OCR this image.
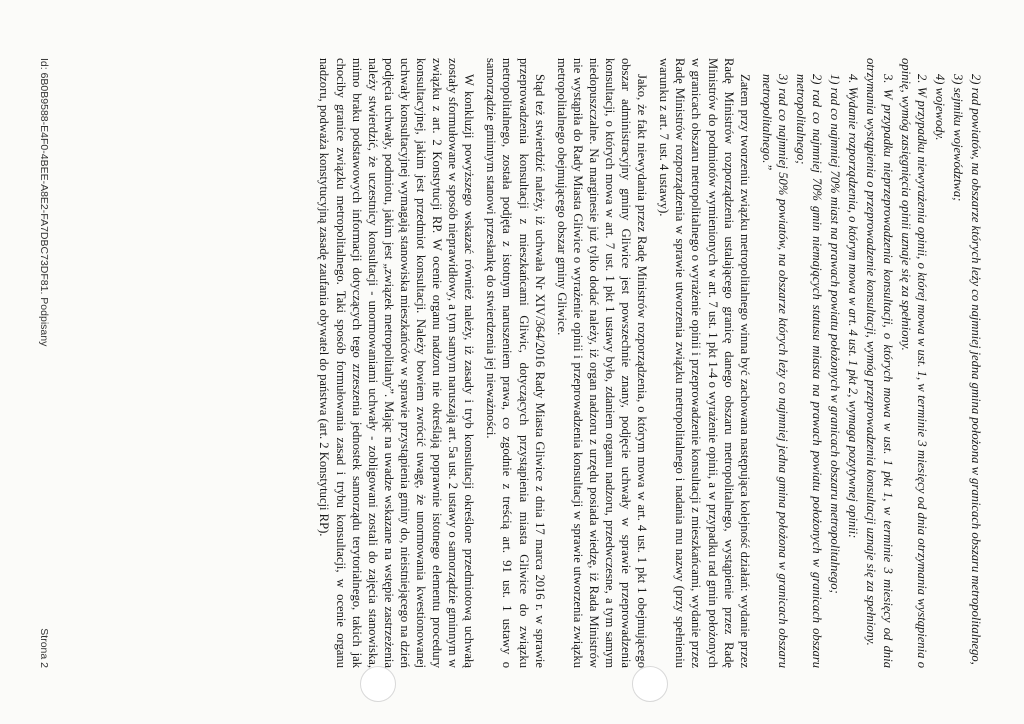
2) rad powiatów, na obszarze których leży co najmniej jedna gmina położona w granicach obszaru metropolitalnego,

3) sejmiku województwa;

4) wojewody.

2. W przypadku niewyrażenia opinii, o której mowa w ust. 1, w terminie 3 miesięcy od dnia otrzymania wystąpienia o opinię, wymóg zasięgnięcia opinii uznaje się za spełniony.

3. W przypadku nieprzeprowadzenia konsultacji, o których mowa w ust. 1 pkt 1, w terminie 3 miesięcy od dnia otrzymania wystąpienia o przeprowadzenie konsultacji, wymóg przeprowadzenia konsultacji uznaje się za spełniony.

4. Wydanie rozporządzenia, o którym mowa w art. 4 ust. 1 pkt 2, wymaga pozytywnej opinii:

1) rad co najmniej 70% miast na prawach powiatu położonych w granicach obszaru metropolitalnego;

2) rad co najmniej 70% gmin niemających statusu miasta na prawach powiatu położonych w granicach obszaru metropolitalnego;

3) rad co najmniej 50% powiatów, na obszarze których leży co najmniej jedna gmina położona w granicach obszaru metropolitalnego.”

Zatem przy tworzeniu związku metropolitalnego winna być zachowana następująca kolejność działań: wydanie przez Radę Ministrów rozporządzenia ustalającego granicę danego obszaru metropolitalnego, wystąpienie przez Radę Ministrów do podmiotów wymienionych w art. 7 ust. 1 pkt 1-4 o wyrażenie opinii, a w przypadku rad gmin położonych w granicach obszaru metropolitalnego o wyrażenie opinii i przeprowadzenie konsultacji z mieszkańcami, wydanie przez Radę Ministrów rozporządzenia w sprawie utworzenia związku metropolitalnego i nadania mu nazwy (przy spełnieniu warunku z art. 7 ust. 4 ustawy).

Jako, że fakt niewydania przez Radę Ministrów rozporządzenia, o którym mowa w art. 4 ust. 1 pkt 1 obejmującego obszar administracyjny gminy Gliwice jest powszechnie znany, podjęcie uchwały w sprawie przeprowadzenia konsultacji, o których mowa w art. 7 ust. 1 pkt 1 ustawy było, zdaniem organu nadzoru, przedwczesne, a tym samym niedopuszczalne. Na marginesie już tylko dodać należy, iż organ nadzoru z urzędu posiada wiedzę, iż Rada Ministrów nie wystąpiła do Rady Miasta Gliwice o wyrażenie opinii i przeprowadzenia konsultacji w sprawie utworzenia związku metropolitalnego obejmującego obszar gminy Gliwice.

Stąd też stwierdzić należy, iż uchwała Nr XIV/364/2016 Rady Miasta Gliwice z dnia 17 marca 2016 r. w sprawie przeprowadzenia konsultacji z mieszkańcami Gliwic, dotyczących przystąpienia miasta Gliwice do związku metropolitalnego, została podjęta z istotnym naruszeniem prawa, co zgodnie z treścią art. 91 ust. 1 ustawy o samorządzie gminnym stanowi przesłankę do stwierdzenia jej nieważności.

W konkluzji powyższego wskazać również należy, iż zasady i tryb konsultacji określone przedmiotową uchwałą zostały sformułowane w sposób nieprawidłowy, a tym samym naruszają art. 5a ust. 2 ustawy o samorządzie gminnym w związku z art. 2 Konstytucji RP. W ocenie organu nadzoru nie określają poprawnie istotnego elementu procedury konsultacyjnej, jakim jest przedmiot konsultacji. Należy bowiem zwrócić uwagę, że unormowania kwestionowanej uchwały konsultacyjnej wymagają stanowiska mieszkańców w sprawie przystąpienia gminy do, nieistniejącego na dzień podjęcia uchwały, podmiotu, jakim jest „związek metropolitalny”. Mając na uwadze wskazane na wstępie zastrzeżenia należy stwierdzić, że uczestnicy konsultacji - unormowaniami uchwały - zobligowani zostali do zajęcia stanowiska, mimo braku podstawowych informacji dotyczących tego zrzeszenia jednostek samorządu terytorialnego, takich jak chociby granice związku metropolitalnego. Taki sposób formułowania zasad i trybu konsultacji, w ocenie organu nadzoru, podważa konstytucyjną zasadę zaufania obywatel do państwa (art. 2 Konstytucji RP).

Id: 6B0B9588-E4F0-4BEE-A8E2-FA7DBC73DF81. Podpisany
Strona 2
